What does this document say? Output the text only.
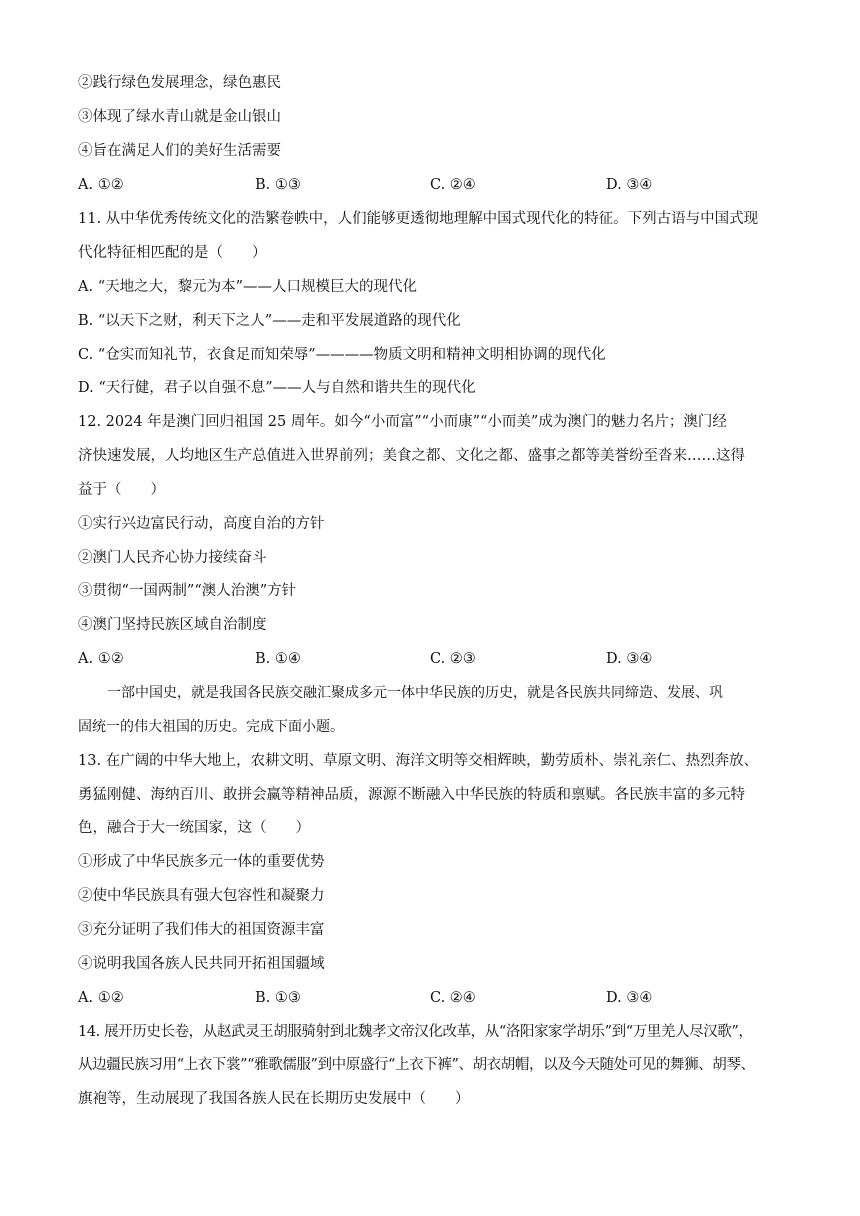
②践行绿色发展理念，绿色惠民
③体现了绿水青山就是金山银山
④旨在满足人们的美好生活需要
A. ①②	B. ①③	C. ②④	D. ③④
11. 从中华优秀传统文化的浩繁卷帙中，人们能够更透彻地理解中国式现代化的特征。下列古语与中国式现
代化特征相匹配的是（　　）
A. “天地之大，黎元为本”——人口规模巨大的现代化
B. “以天下之财，利天下之人”——走和平发展道路的现代化
C. “仓实而知礼节，衣食足而知荣辱”————物质文明和精神文明相协调的现代化
D. “天行健，君子以自强不息”——人与自然和谐共生的现代化
12. 2024 年是澳门回归祖国 25 周年。如今“小而富”“小而康”“小而美”成为澳门的魅力名片；澳门经
济快速发展，人均地区生产总值进入世界前列；美食之都、文化之都、盛事之都等美誉纷至沓来……这得
益于（　　）
①实行兴边富民行动，高度自治的方针
②澳门人民齐心协力接续奋斗
③贯彻“一国两制”“澳人治澳”方针
④澳门坚持民族区域自治制度
A. ①②	B. ①④	C. ②③	D. ③④
一部中国史，就是我国各民族交融汇聚成多元一体中华民族的历史，就是各民族共同缔造、发展、巩
固统一的伟大祖国的历史。完成下面小题。
13. 在广阔的中华大地上，农耕文明、草原文明、海洋文明等交相辉映，勤劳质朴、崇礼亲仁、热烈奔放、
勇猛刚健、海纳百川、敢拼会赢等精神品质，源源不断融入中华民族的特质和禀赋。各民族丰富的多元特
色，融合于大一统国家，这（　　）
①形成了中华民族多元一体的重要优势
②使中华民族具有强大包容性和凝聚力
③充分证明了我们伟大的祖国资源丰富
④说明我国各族人民共同开拓祖国疆域
A. ①②	B. ①③	C. ②④	D. ③④
14. 展开历史长卷，从赵武灵王胡服骑射到北魏孝文帝汉化改革，从“洛阳家家学胡乐”到“万里羌人尽汉歌”，
从边疆民族习用“上衣下裳”“雅歌儒服”到中原盛行“上衣下裤”、胡衣胡帽，以及今天随处可见的舞狮、胡琴、
旗袍等，生动展现了我国各族人民在长期历史发展中（　　）
